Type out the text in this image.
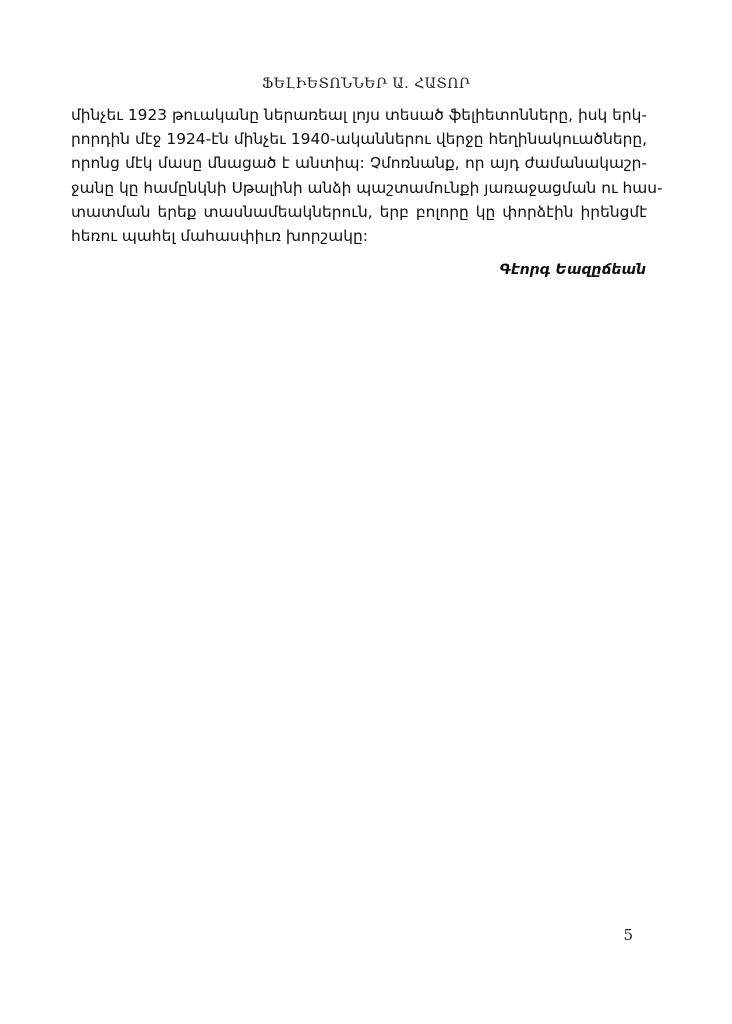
ՖԵԼԻԵՏՈՆՆԵՐ Ա. ՀԱՏՈՐ
մինչեւ 1923 թուականը ներառեալ լոյս տեսած ֆելիետոնները, իսկ երկ-
րորդին մէջ 1924-էն մինչեւ 1940-ականներու վերջը հեղինակուածները,
որոնց մէկ մասը մնացած է անտիպ: Չմոռնանք, որ այդ ժամանակաշր-
ջանը կը համընկնի Սթալինի անձի պաշտամունքի յառաջացման ու հաս-
տատման երեք տասնամեակներուն, երբ բոլորը կը փորձէին իրենցմէ
հեռու պահել մահասփիւռ խորշակը:
Գէորգ Եազըճեան
5
